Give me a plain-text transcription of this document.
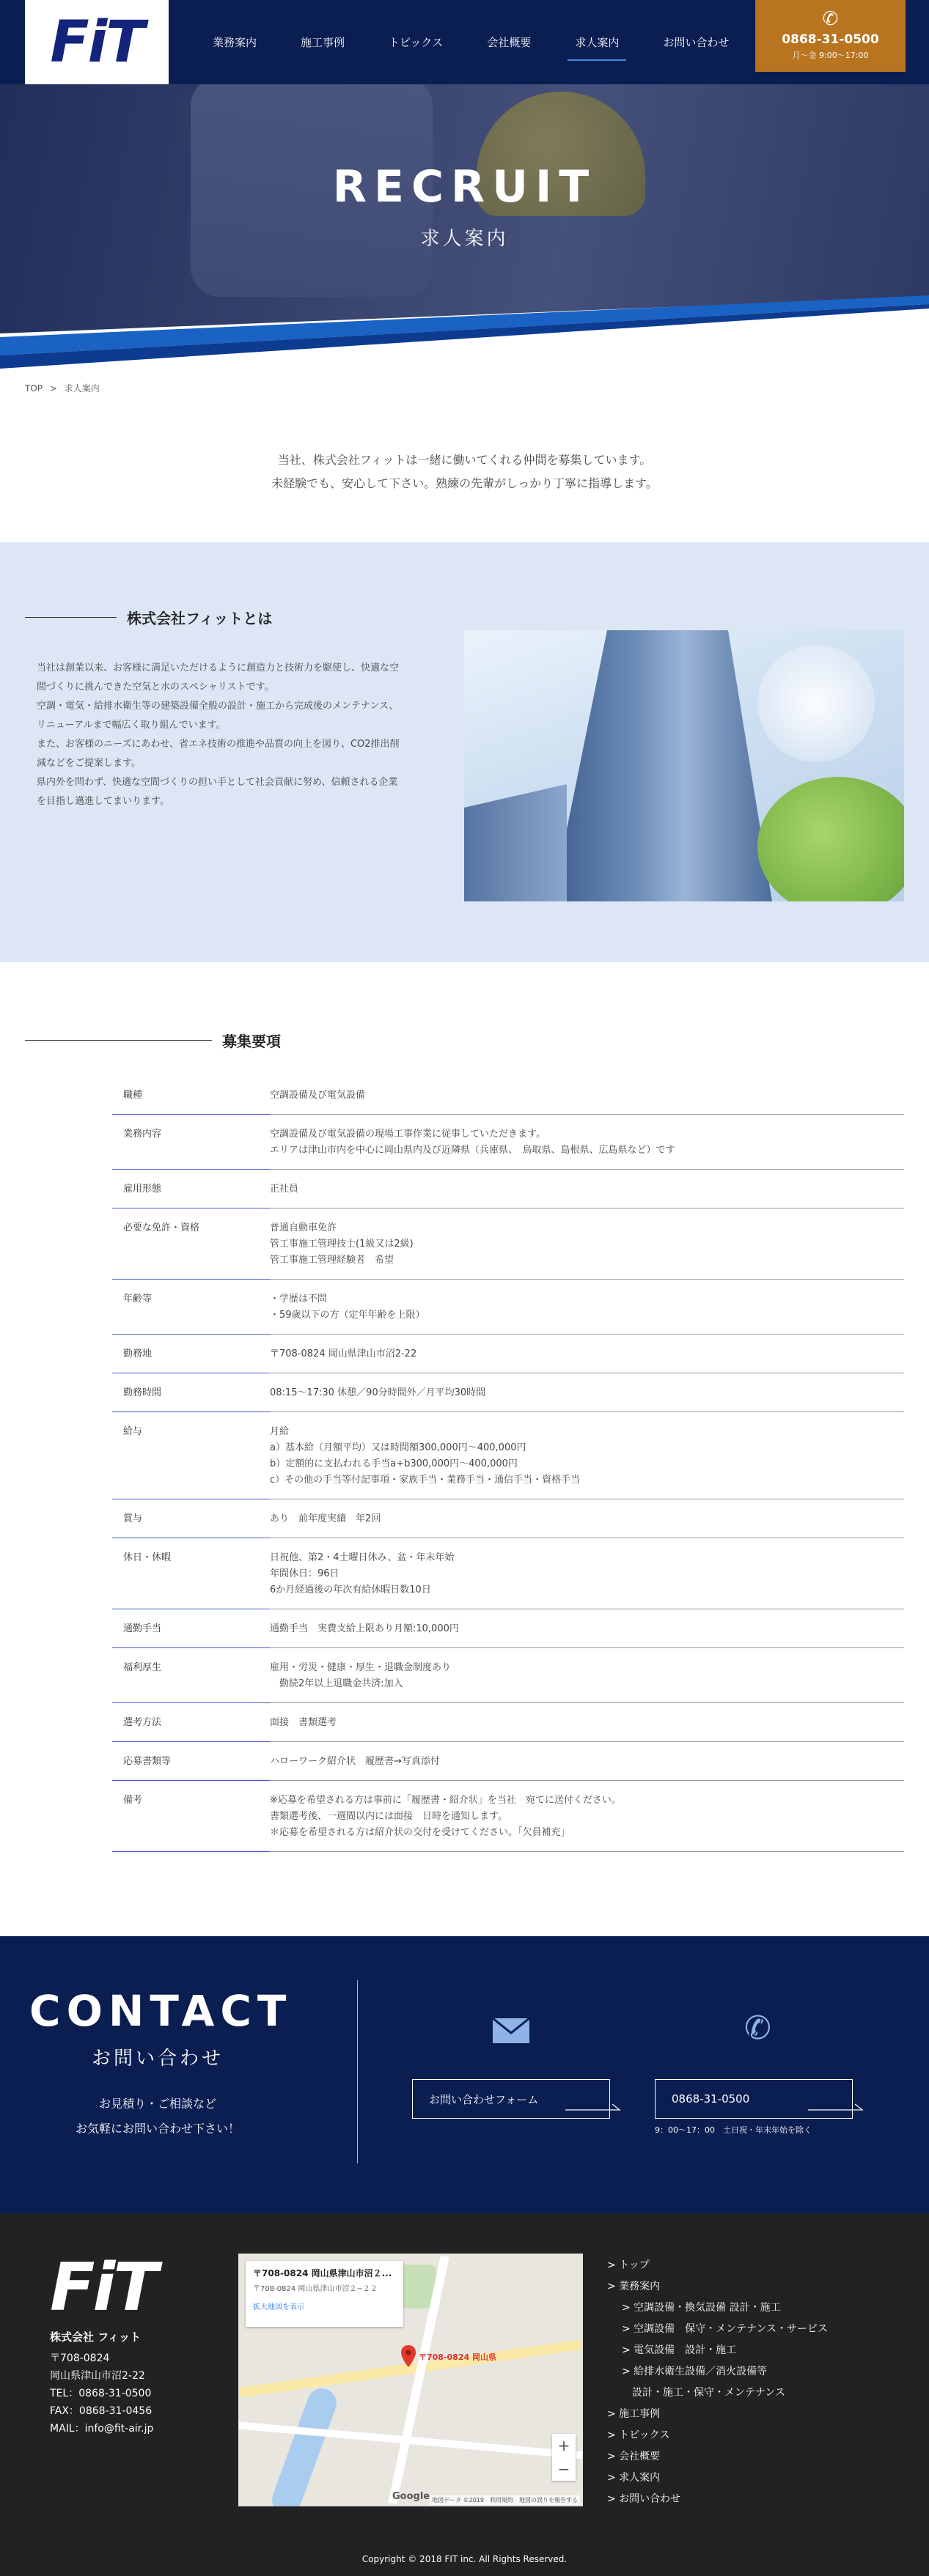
FiT	業務案内	施工事例	トピックス	会社概要	求人案内	お問い合わせ
✆
0868-31-0500
月～金 9:00～17:00
RECRUIT
求人案内
TOP > 求人案内
当社、株式会社フィットは一緒に働いてくれる仲間を募集しています。
未経験でも、安心して下さい。熟練の先輩がしっかり丁寧に指導します。
株式会社フィットとは
当社は創業以来、お客様に満足いただけるように創造力と技術力を駆使し、快適な空
間づくりに挑んできた空気と水のスペシャリストです。
空調・電気・給排水衛生等の建築設備全般の設計・施工から完成後のメンテナンス、
リニューアルまで幅広く取り組んでいます。
また、お客様のニーズにあわせ、省エネ技術の推進や品質の向上を図り、CO2排出削
減などをご提案します。
県内外を問わず、快適な空間づくりの担い手として社会貢献に努め、信頼される企業
を目指し邁進してまいります。
募集要項
職種	空調設備及び電気設備
業務内容	空調設備及び電気設備の現場工事作業に従事していただきます。
エリアは津山市内を中心に岡山県内及び近隣県（兵庫県、　鳥取県、島根県、広島県など）です
雇用形態	正社員
必要な免許・資格	普通自動車免許
管工事施工管理技士(1級又は2級)
管工事施工管理経験者　希望
年齢等	・学歴は不問
・59歳以下の方（定年年齢を上限）
勤務地	〒708-0824 岡山県津山市沼2-22
勤務時間	08:15～17:30 休憩／90分時間外／月平均30時間
給与	月給
a）基本給（月額平均）又は時間額300,000円～400,000円
b）定額的に支払われる手当a+b300,000円～400,000円
c）その他の手当等付記事項・家族手当・業務手当・通信手当・資格手当
賞与	あり　前年度実績　年2回
休日・休暇	日祝他、第2・4土曜日休み、盆・年末年始
年間休日：96日
6か月経過後の年次有給休暇日数10日
通勤手当	通勤手当　実費支給上限あり月額:10,000円
福利厚生	雇用・労災・健康・厚生・退職金制度あり
　勤続2年以上退職金共済:加入
選考方法	面接　書類選考
応募書類等	ハローワーク紹介状　履歴書→写真添付
備考	※応募を希望される方は事前に「履歴書・紹介状」を当社　宛てに送付ください。
書類選考後、一週間以内には面接　日時を通知します。
＊応募を希望される方は紹介状の交付を受けてください。「欠員補充」
CONTACT
お問い合わせ
お見積り・ご相談など
お気軽にお問い合わせ下さい！
✆
お問い合わせフォーム	0868-31-0500
9：00～17：00　土日祝・年末年始を除く
FiT
株式会社 フィット
〒708-0824
岡山県津山市沼2-22
TEL：0868-31-0500
FAX：0868-31-0456
MAIL：info@fit-air.jp
〒708-0824 岡山県津山市沼２...
〒708-0824 岡山県津山市沼２−２２
拡大地図を表示
〒708-0824 岡山県
+
−
Google 地図データ ©2019　利用規約　地図の誤りを報告する
> トップ
> 業務案内
> 空調設備・換気設備 設計・施工
> 空調設備　保守・メンテナンス・サービス
> 電気設備　設計・施工
> 給排水衛生設備／消火設備等
設計・施工・保守・メンテナンス
> 施工事例
> トピックス
> 会社概要
> 求人案内
> お問い合わせ
Copyright © 2018 FIT inc. All Rights Reserved.
